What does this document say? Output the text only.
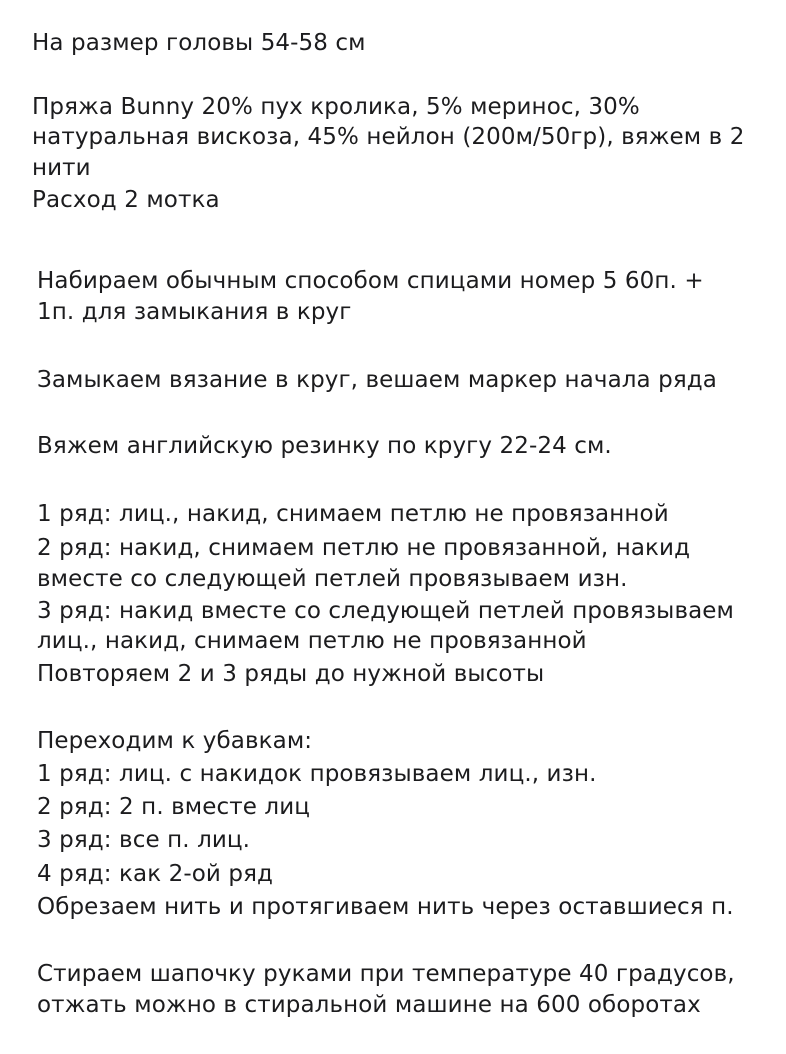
На размер головы 54-58 см
Пряжа Bunny 20% пух кролика, 5% меринос, 30%
натуральная вискоза, 45% нейлон (200м/50гр), вяжем в 2
нити
Расход 2 мотка
Набираем обычным способом спицами номер 5 60п. +
1п. для замыкания в круг
Замыкаем вязание в круг, вешаем маркер начала ряда
Вяжем английскую резинку по кругу 22-24 см.
1 ряд: лиц., накид, снимаем петлю не провязанной
2 ряд: накид, снимаем петлю не провязанной, накид
вместе со следующей петлей провязываем изн.
3 ряд: накид вместе со следующей петлей провязываем
лиц., накид, снимаем петлю не провязанной
Повторяем 2 и 3 ряды до нужной высоты
Переходим к убавкам:
1 ряд: лиц. с накидок провязываем лиц., изн.
2 ряд: 2 п. вместе лиц
3 ряд: все п. лиц.
4 ряд: как 2-ой ряд
Обрезаем нить и протягиваем нить через оставшиеся п.
Стираем шапочку руками при температуре 40 градусов,
отжать можно в стиральной машине на 600 оборотах
